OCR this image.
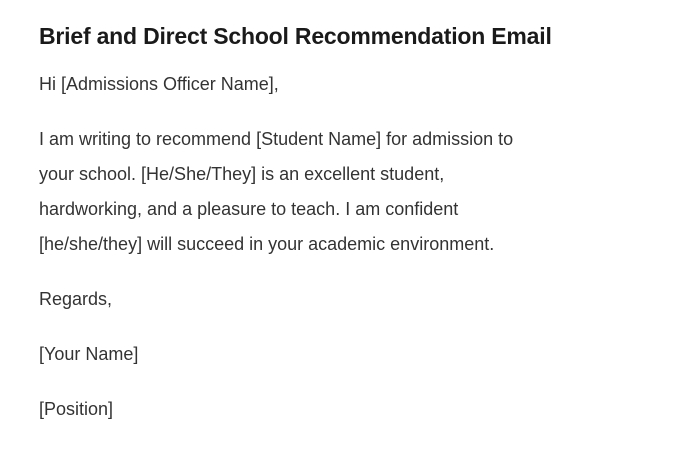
Brief and Direct School Recommendation Email

Hi [Admissions Officer Name],

I am writing to recommend [Student Name] for admission to
your school. [He/She/They] is an excellent student,
hardworking, and a pleasure to teach. I am confident
[he/she/they] will succeed in your academic environment.

Regards,

[Your Name]

[Position]
